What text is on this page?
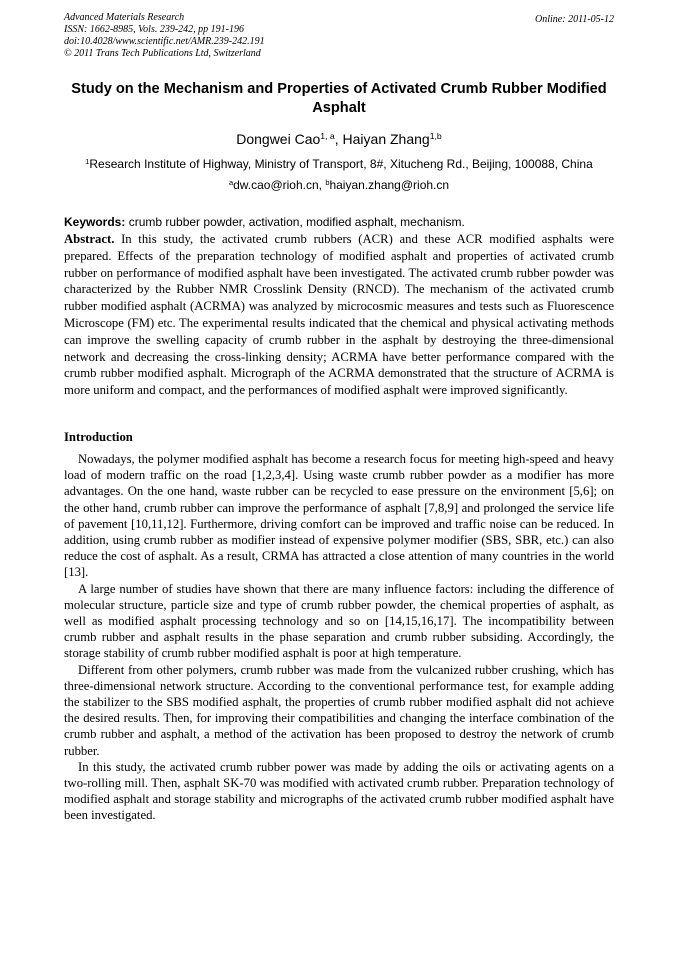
Advanced Materials Research
ISSN: 1662-8985, Vols. 239-242, pp 191-196
doi:10.4028/www.scientific.net/AMR.239-242.191
© 2011 Trans Tech Publications Ltd, Switzerland
Online: 2011-05-12
Study on the Mechanism and Properties of Activated Crumb Rubber Modified Asphalt
Dongwei Cao$^{1, a}$, Haiyan Zhang$^{1,b}$
$^1$Research Institute of Highway, Ministry of Transport, 8#, Xitucheng Rd., Beijing, 100088, China
$^a$dw.cao@rioh.cn, $^b$haiyan.zhang@rioh.cn
Keywords: crumb rubber powder, activation, modified asphalt, mechanism.
Abstract. In this study, the activated crumb rubbers (ACR) and these ACR modified asphalts were prepared. Effects of the preparation technology of modified asphalt and properties of activated crumb rubber on performance of modified asphalt have been investigated. The activated crumb rubber powder was characterized by the Rubber NMR Crosslink Density (RNCD). The mechanism of the activated crumb rubber modified asphalt (ACRMA) was analyzed by microcosmic measures and tests such as Fluorescence Microscope (FM) etc. The experimental results indicated that the chemical and physical activating methods can improve the swelling capacity of crumb rubber in the asphalt by destroying the three-dimensional network and decreasing the cross-linking density; ACRMA have better performance compared with the crumb rubber modified asphalt. Micrograph of the ACRMA demonstrated that the structure of ACRMA is more uniform and compact, and the performances of modified asphalt were improved significantly.
Introduction

Nowadays, the polymer modified asphalt has become a research focus for meeting high-speed and heavy load of modern traffic on the road [1,2,3,4]. Using waste crumb rubber powder as a modifier has more advantages. On the one hand, waste rubber can be recycled to ease pressure on the environment [5,6]; on the other hand, crumb rubber can improve the performance of asphalt [7,8,9] and prolonged the service life of pavement [10,11,12]. Furthermore, driving comfort can be improved and traffic noise can be reduced. In addition, using crumb rubber as modifier instead of expensive polymer modifier (SBS, SBR, etc.) can also reduce the cost of asphalt. As a result, CRMA has attracted a close attention of many countries in the world [13].

A large number of studies have shown that there are many influence factors: including the difference of molecular structure, particle size and type of crumb rubber powder, the chemical properties of asphalt, as well as modified asphalt processing technology and so on [14,15,16,17]. The incompatibility between crumb rubber and asphalt results in the phase separation and crumb rubber subsiding. Accordingly, the storage stability of crumb rubber modified asphalt is poor at high temperature.

Different from other polymers, crumb rubber was made from the vulcanized rubber crushing, which has three-dimensional network structure. According to the conventional performance test, for example adding the stabilizer to the SBS modified asphalt, the properties of crumb rubber modified asphalt did not achieve the desired results. Then, for improving their compatibilities and changing the interface combination of the crumb rubber and asphalt, a method of the activation has been proposed to destroy the network of crumb rubber.

In this study, the activated crumb rubber power was made by adding the oils or activating agents on a two-rolling mill. Then, asphalt SK-70 was modified with activated crumb rubber. Preparation technology of modified asphalt and storage stability and micrographs of the activated crumb rubber modified asphalt have been investigated.
